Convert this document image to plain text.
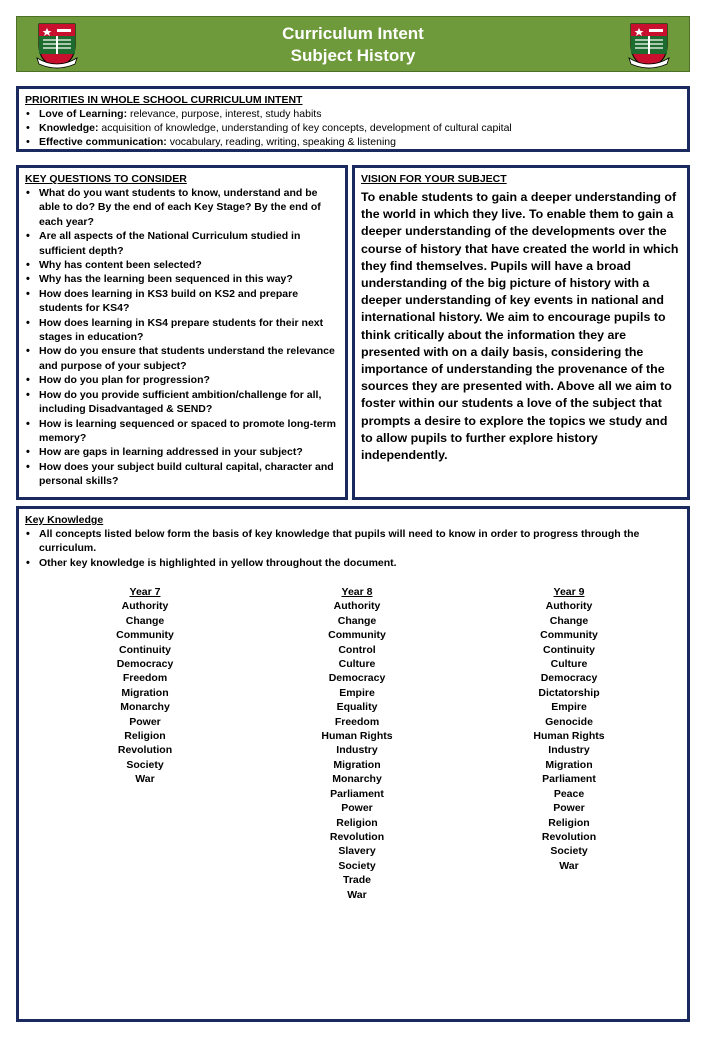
Curriculum Intent
Subject History
PRIORITIES IN WHOLE SCHOOL CURRICULUM INTENT
• Love of Learning: relevance, purpose, interest, study habits
• Knowledge: acquisition of knowledge, understanding of key concepts, development of cultural capital
• Effective communication: vocabulary, reading, writing, speaking & listening
KEY QUESTIONS TO CONSIDER
• What do you want students to know, understand and be able to do? By the end of each Key Stage? By the end of each year?
• Are all aspects of the National Curriculum studied in sufficient depth?
• Why has content been selected?
• Why has the learning been sequenced in this way?
• How does learning in KS3 build on KS2 and prepare students for KS4?
• How does learning in KS4 prepare students for their next stages in education?
• How do you ensure that students understand the relevance and purpose of your subject?
• How do you plan for progression?
• How do you provide sufficient ambition/challenge for all, including Disadvantaged & SEND?
• How is learning sequenced or spaced to promote long-term memory?
• How are gaps in learning addressed in your subject?
• How does your subject build cultural capital, character and personal skills?
VISION FOR YOUR SUBJECT
To enable students to gain a deeper understanding of the world in which they live. To enable them to gain a deeper understanding of the developments over the course of history that have created the world in which they find themselves. Pupils will have a broad understanding of the big picture of history with a deeper understanding of key events in national and international history. We aim to encourage pupils to think critically about the information they are presented with on a daily basis, considering the importance of understanding the provenance of the sources they are presented with. Above all we aim to foster within our students a love of the subject that prompts a desire to explore the topics we study and to allow pupils to further explore history independently.
Key Knowledge
• All concepts listed below form the basis of key knowledge that pupils will need to know in order to progress through the curriculum.
• Other key knowledge is highlighted in yellow throughout the document.
Year 7
Authority
Change
Community
Continuity
Democracy
Freedom
Migration
Monarchy
Power
Religion
Revolution
Society
War
Year 8
Authority
Change
Community
Control
Culture
Democracy
Empire
Equality
Freedom
Human Rights
Industry
Migration
Monarchy
Parliament
Power
Religion
Revolution
Slavery
Society
Trade
War
Year 9
Authority
Change
Community
Continuity
Culture
Democracy
Dictatorship
Empire
Genocide
Human Rights
Industry
Migration
Parliament
Peace
Power
Religion
Revolution
Society
War
